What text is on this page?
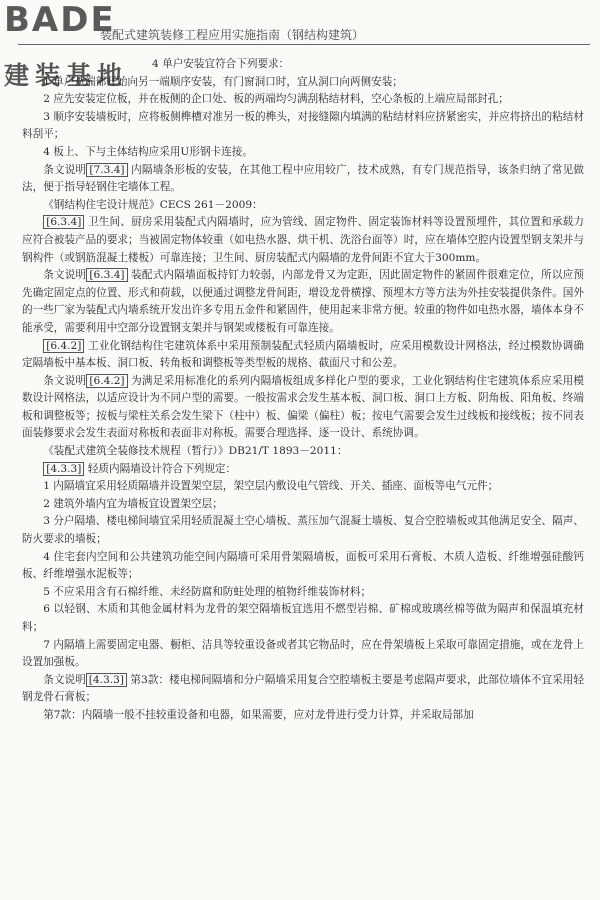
BADE
装配式建筑装修工程应用实施指南（钢结构建筑）
建装基地	4 单户安装宜符合下列要求：

1 单户从端部开始向另一端顺序安装，有门窗洞口时，宜从洞口向两侧安装；

2 应先安装定位板，并在板侧的企口处、板的两端均匀满刮粘结材料，空心条板的上端应局部封孔；

3 顺序安装墙板时，应将板侧榫槽对准另一板的榫头，对接缝隙内填满的粘结材料应挤紧密实，并应将挤出的粘结材料刮平；

4 板上、下与主体结构应采用U形钢卡连接。

条文说明 [7.3.4] 内隔墙条形板的安装，在其他工程中应用较广，技术成熟，有专门规范指导，该条归纳了常见做法，便于指导轻钢住宅墙体工程。

《钢结构住宅设计规范》CECS 261－2009：

[6.3.4] 卫生间、厨房采用装配式内隔墙时，应为管线、固定物件、固定装饰材料等设置预埋件，其位置和承载力应符合被装产品的要求；当被固定物体较重（如电热水器、烘干机、洗浴台面等）时，应在墙体空腔内设置型钢支架并与钢构件（或钢筋混凝土楼板）可靠连接；卫生间、厨房装配式内隔墙的龙骨间距不宜大于300mm。

条文说明 [6.3.4] 装配式内隔墙面板持钉力较弱，内部龙骨又为定距，因此固定物件的紧固件很难定位，所以应预先确定固定点的位置、形式和荷载，以便通过调整龙骨间距，增设龙骨横撑、预埋木方等方法为外挂安装提供条件。国外的一些厂家为装配式内墙系统开发出许多专用五金件和紧固件，使用起来非常方便。较重的物件如电热水器，墙体本身不能承受，需要利用中空部分设置钢支架并与钢架或楼板有可靠连接。

[6.4.2] 工业化钢结构住宅建筑体系中采用预制装配式轻质内隔墙板时，应采用模数设计网格法，经过模数协调确定隔墙板中基本板、洞口板、转角板和调整板等类型板的规格、截面尺寸和公差。

条文说明 [6.4.2] 为满足采用标准化的系列内隔墙板组成多样化户型的要求，工业化钢结构住宅建筑体系应采用模数设计网格法，以适应设计为不同户型的需要。一般按需求会发生基本板、洞口板、洞口上方板、阴角板、阳角板、终端板和调整板等；按板与梁柱关系会发生梁下（柱中）板、偏梁（偏柱）板；按电气需要会发生过线板和接线板；按不同表面装修要求会发生表面对称板和表面非对称板。需要合理选择、逐一设计、系统协调。

《装配式建筑全装修技术规程（暂行）》DB21/T 1893－2011：

[4.3.3] 轻质内隔墙设计符合下列规定：

1 内隔墙宜采用轻质隔墙并设置架空层，架空层内敷设电气管线、开关、插座、面板等电气元件；

2 建筑外墙内宜为墙板宜设置架空层；

3 分户隔墙、楼电梯间墙宜采用轻质混凝土空心墙板、蒸压加气混凝土墙板、复合空腔墙板或其他满足安全、隔声、防火要求的墙板；

4 住宅套内空间和公共建筑功能空间内隔墙可采用骨架隔墙板，面板可采用石膏板、木质人造板、纤维增强硅酸钙板、纤维增强水泥板等；

5 不应采用含有石棉纤维、未经防腐和防蛀处理的植物纤维装饰材料；

6 以轻钢、木质和其他金属材料为龙骨的架空隔墙板宜选用不燃型岩棉、矿棉或玻璃丝棉等做为隔声和保温填充材料；

7 内隔墙上需要固定电器、橱柜、洁具等较重设备或者其它物品时，应在骨架墙板上采取可靠固定措施，或在龙骨上设置加强板。

条文说明 [4.3.3] 第3款：楼电梯间隔墙和分户隔墙采用复合空腔墙板主要是考虑隔声要求，此部位墙体不宜采用轻钢龙骨石膏板；

第7款：内隔墙一般不挂较重设备和电器，如果需要，应对龙骨进行受力计算，并采取局部加
